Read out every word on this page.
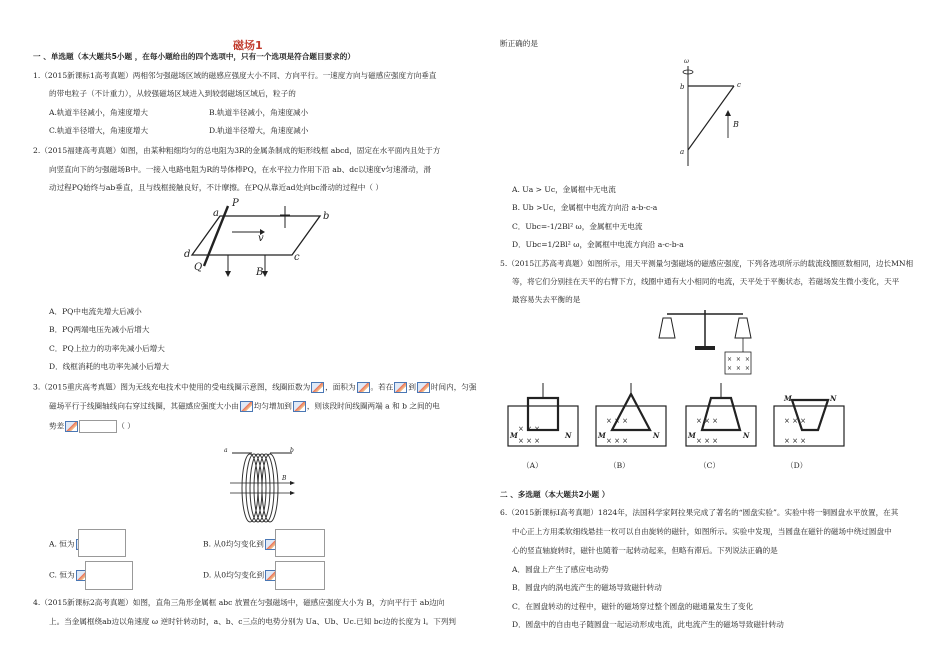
磁场1
一 、单选题（本大题共5小题 ，在每小题给出的四个选项中，只有一个选项是符合题目要求的）
1.（2015新课标1高考真题）两相邻匀强磁场区域的磁感应强度大小不同、方向平行。一速度方向与磁感应强度方向垂直
的带电粒子（不计重力），从较强磁场区域进入到较弱磁场区域后，粒子的
A.轨道半径减小，角速度增大	B.轨道半径减小，角速度减小
C.轨道半径增大，角速度增大	D.轨道半径增大，角速度减小
2.（2015福建高考真题）如图，由某种粗细均匀的总电阻为3R的金属条制成的矩形线框 abcd，固定在水平面内且处于方
向竖直向下的匀强磁场B中。一接入电路电阻为R的导体棒PQ，在水平拉力作用下沿 ab、dc以速度v匀速滑动，滑
动过程PQ始终与ab垂直，且与线框接触良好，不计摩擦。在PQ从靠近ad处向bc滑动的过程中（ ）
a
P
b
d
Q
c
v
B
A．PQ中电流先增大后减小
B．PQ两端电压先减小后增大
C．PQ上拉力的功率先减小后增大
D．线框消耗的电功率先减小后增大
3.（2015重庆高考真题）图为无线充电技术中使用的受电线圈示意图，线圈匝数为 ，面积为 。若在 到 时间内，匀强
磁场平行于线圈轴线向右穿过线圈，其磁感应强度大小由 均匀增加到 ，则该段时间线圈两端 a 和 b 之间的电
势差	（ ）
a	b
B
A. 恒为	B. 从0均匀变化到
C. 恒为	D. 从0均匀变化到
4.（2015新课标2高考真题）如图，直角三角形金属框 abc 放置在匀强磁场中，磁感应强度大小为 B，方向平行于 ab边向
上。当金属框绕ab边以角速度 ω 逆时针转动时，a、b、c三点的电势分别为 Ua、Ub、Uc.已知 bc边的长度为 l。下列判
断正确的是
ω
b	c
a
B
A. Ua > Uc，金属框中无电流
B. Ub >Uc，金属框中电流方向沿 a-b-c-a
C．Ubc=-1/2Bl² ω，金属框中无电流
D．Ubc=1/2Bl² ω，金属框中电流方向沿 a-c-b-a
5.（2015江苏高考真题）如图所示，用天平测量匀强磁场的磁感应强度，下列各选项所示的载流线圈匝数相同，边长MN相
等，将它们分别挂在天平的右臂下方，线圈中通有大小相同的电流，天平处于平衡状态，若磁场发生微小变化，天平
最容易失去平衡的是
× × ×
× × ×
× × ×
× × ×
M	N
× × ×
× × ×
M	N
× × ×
× × ×
M	N
× × ×
× × ×
M	N
（A）	（B）	（C）	（D）
二 、多选题（本大题共2小题 ）
6.（2015新课标Ⅰ高考真题）1824年，法国科学家阿拉果完成了著名的“圆盘实验”。实验中将一铜圆盘水平放置，在其
中心正上方用柔软细线悬挂一枚可以自由旋转的磁针，如图所示。实验中发现，当圆盘在磁针的磁场中绕过圆盘中
心的竖直轴旋转时，磁针也随着一起转动起来，但略有滞后。下列说法正确的是
A．圆盘上产生了感应电动势
B．圆盘内的涡电流产生的磁场导致磁针转动
C．在圆盘转动的过程中，磁针的磁场穿过整个圆盘的磁通量发生了变化
D．圆盘中的自由电子随圆盘一起运动形成电流，此电流产生的磁场导致磁针转动
